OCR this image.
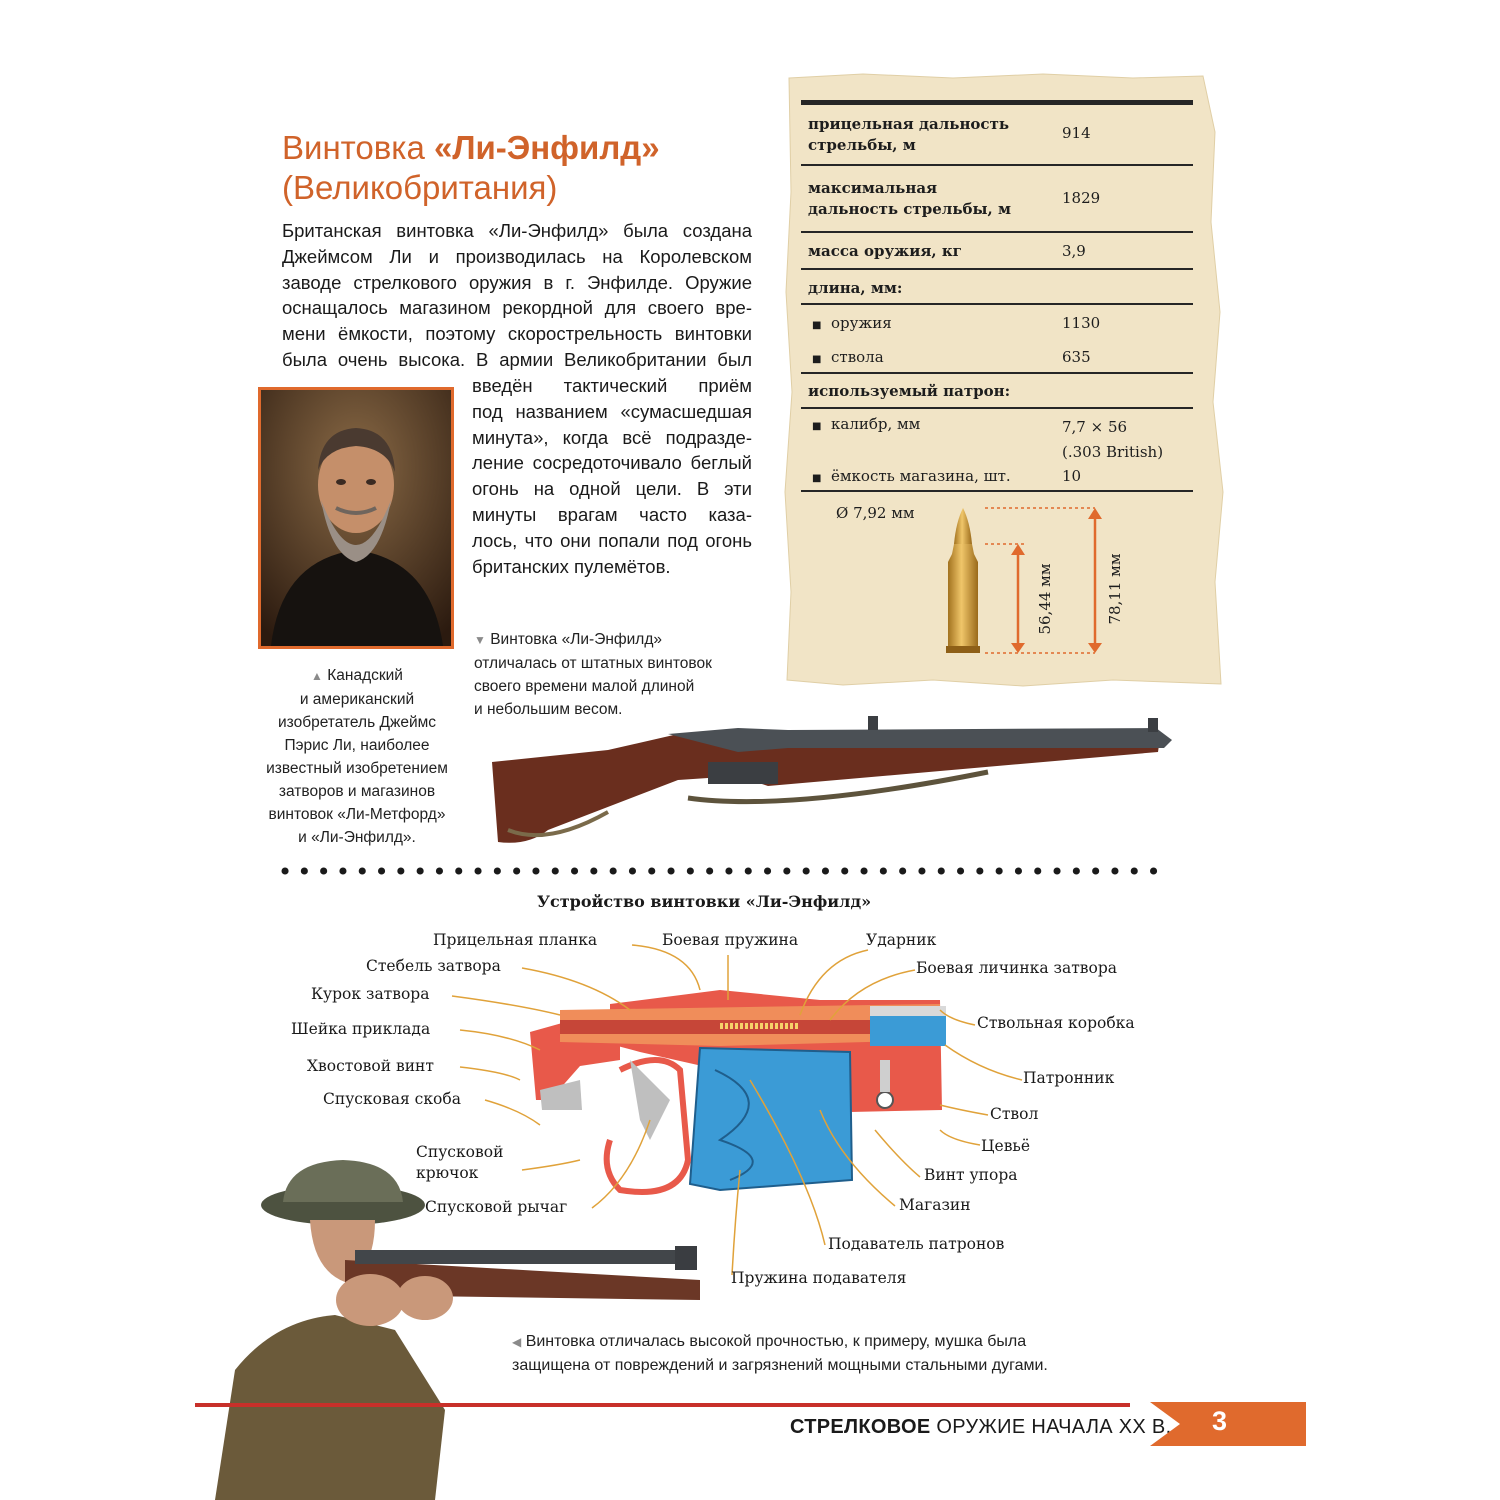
Винтовка «Ли-Энфилд»
(Великобритания)
Британская винтовка «Ли-Энфилд» была создана
Джеймсом Ли и производилась на Королевском
заводе стрелкового оружия в г. Энфилде. Оружие
оснащалось магазином рекордной для своего вре-
мени ёмкости, поэтому скорострельность винтовки
была очень высока. В армии Великобритании был
введён тактический приём
под названием «сумасшедшая
минута», когда всё подразде-
ление сосредоточивало беглый
огонь на одной цели. В эти
минуты врагам часто каза-
лось, что они попали под огонь
британских пулемётов.
▲ Канадский
и американский
изобретатель Джеймс
Пэрис Ли, наиболее
известный изобретением
затворов и магазинов
винтовок «Ли-Метфорд»
и «Ли-Энфилд».
▼ Винтовка «Ли-Энфилд»
отличалась от штатных винтовок
своего времени малой длиной
и небольшим весом.
прицельная дальность
стрельбы, м
914
максимальная
дальность стрельбы, м
1829
масса оружия, кг	3,9
длина, мм:
■ оружия	1130
■ ствола	635
используемый патрон:
■ калибр, мм	7,7 × 56
(.303 British)
■ ёмкость магазина, шт.	10
Ø 7,92 мм
56,44 мм	78,11 мм
Устройство винтовки «Ли-Энфилд»
Прицельная планка	Боевая пружина	Ударник
Боевая личинка затвора
Стебель затвора
Курок затвора
Ствольная коробка
Шейка приклада
Патронник
Хвостовой винт
Ствол
Спусковая скоба
Цевьё
Спусковой
крючок	Винт упора
Спусковой рычаг	Магазин
Подаватель патронов
Пружина подавателя
◀ Винтовка отличалась высокой прочностью, к примеру, мушка была
защищена от повреждений и загрязнений мощными стальными дугами.
СТРЕЛКОВОЕ ОРУЖИЕ НАЧАЛА XX В. 3
